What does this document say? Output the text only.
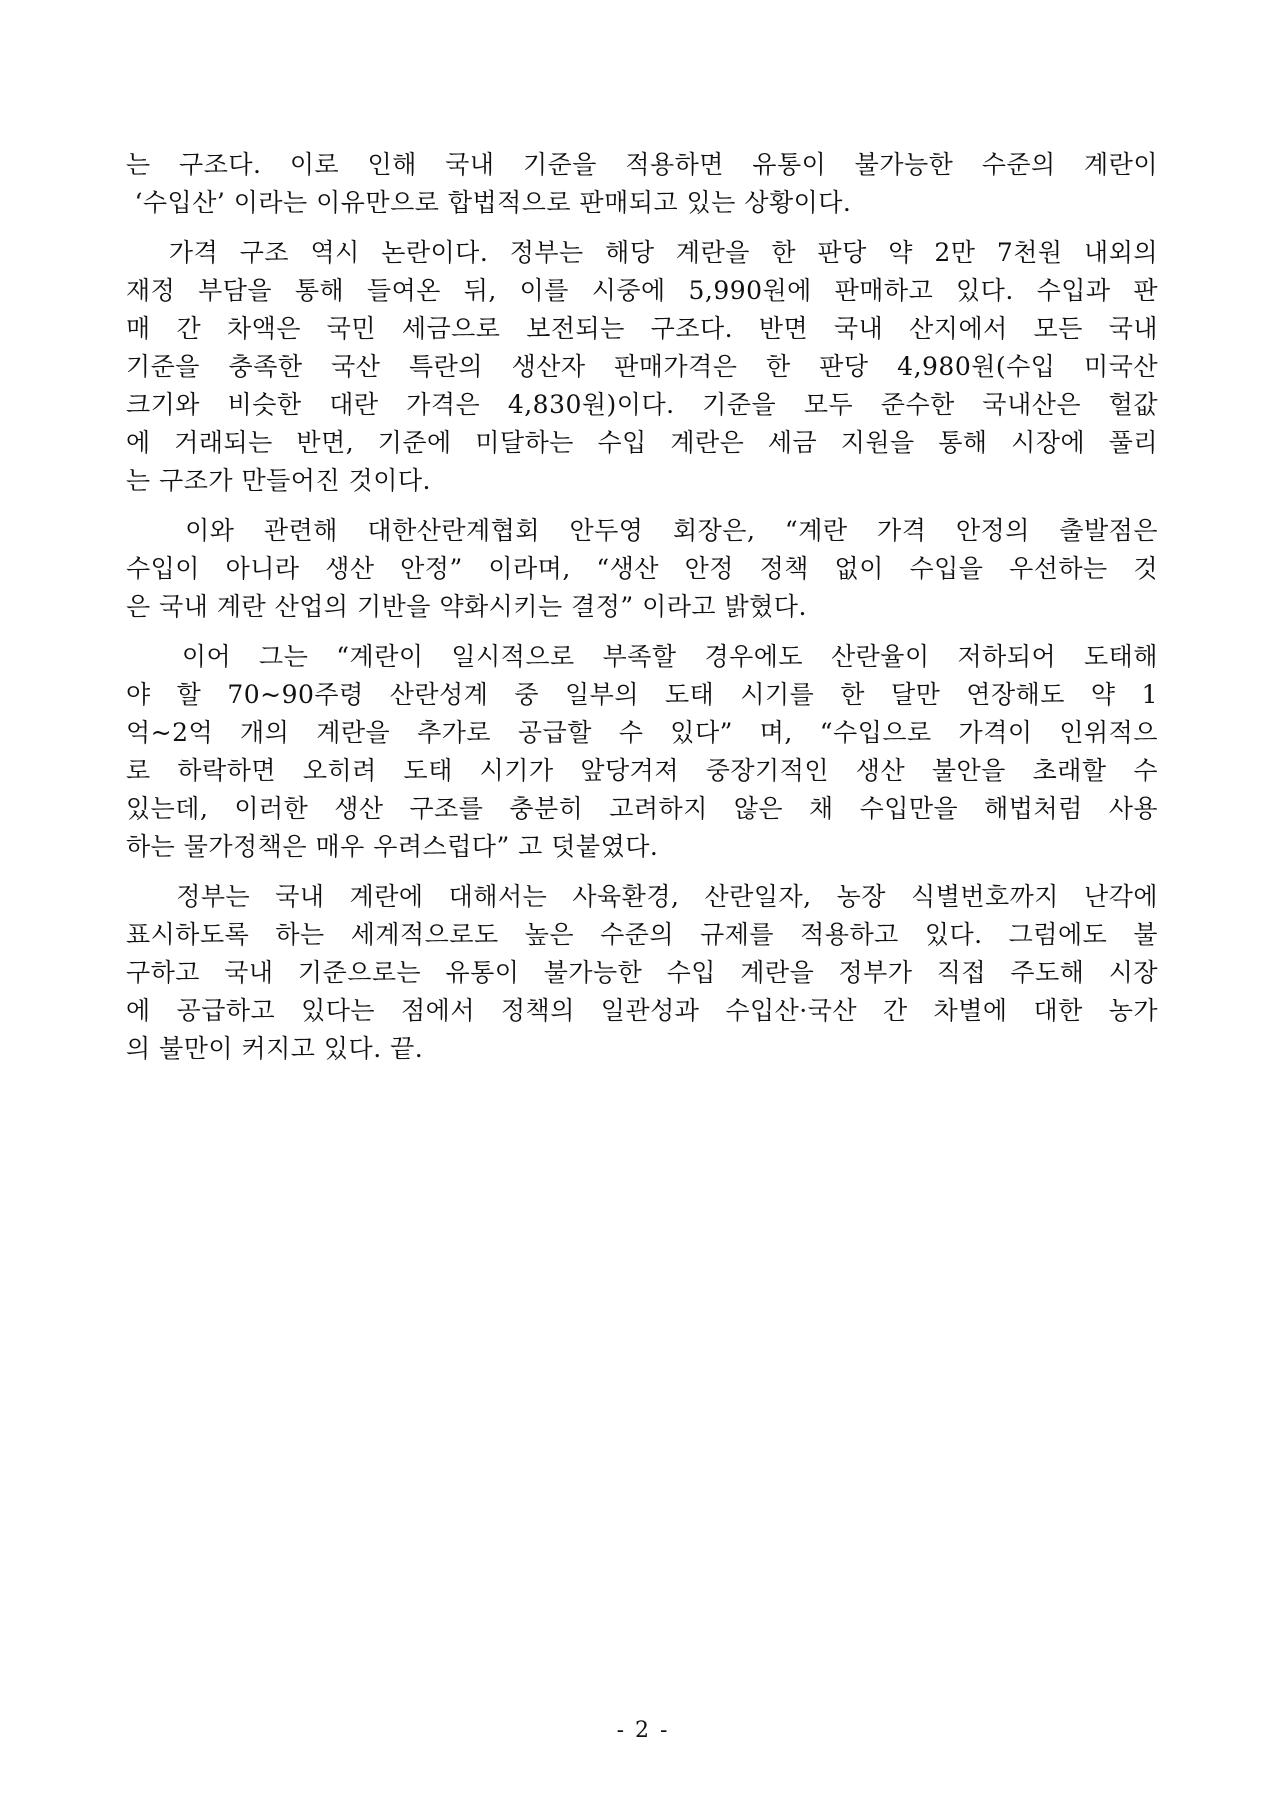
는 구조다. 이로 인해 국내 기준을 적용하면 유통이 불가능한 수준의 계란이
‘수입산’ 이라는 이유만으로 합법적으로 판매되고 있는 상황이다.

가격 구조 역시 논란이다. 정부는 해당 계란을 한 판당 약 2만 7천원 내외의
재정 부담을 통해 들여온 뒤, 이를 시중에 5,990원에 판매하고 있다. 수입과 판
매 간 차액은 국민 세금으로 보전되는 구조다. 반면 국내 산지에서 모든 국내
기준을 충족한 국산 특란의 생산자 판매가격은 한 판당 4,980원(수입 미국산
크기와 비슷한 대란 가격은 4,830원)이다. 기준을 모두 준수한 국내산은 헐값
에 거래되는 반면, 기준에 미달하는 수입 계란은 세금 지원을 통해 시장에 풀리
는 구조가 만들어진 것이다.

이와 관련해 대한산란계협회 안두영 회장은, “계란 가격 안정의 출발점은
수입이 아니라 생산 안정” 이라며, “생산 안정 정책 없이 수입을 우선하는 것
은 국내 계란 산업의 기반을 약화시키는 결정” 이라고 밝혔다.

이어 그는 “계란이 일시적으로 부족할 경우에도 산란율이 저하되어 도태해
야 할 70~90주령 산란성계 중 일부의 도태 시기를 한 달만 연장해도 약 1
억~2억 개의 계란을 추가로 공급할 수 있다” 며, “수입으로 가격이 인위적으
로 하락하면 오히려 도태 시기가 앞당겨져 중장기적인 생산 불안을 초래할 수
있는데, 이러한 생산 구조를 충분히 고려하지 않은 채 수입만을 해법처럼 사용
하는 물가정책은 매우 우려스럽다” 고 덧붙였다.

정부는 국내 계란에 대해서는 사육환경, 산란일자, 농장 식별번호까지 난각에
표시하도록 하는 세계적으로도 높은 수준의 규제를 적용하고 있다. 그럼에도 불
구하고 국내 기준으로는 유통이 불가능한 수입 계란을 정부가 직접 주도해 시장
에 공급하고 있다는 점에서 정책의 일관성과 수입산·국산 간 차별에 대한 농가
의 불만이 커지고 있다. 끝.

- 2 -
